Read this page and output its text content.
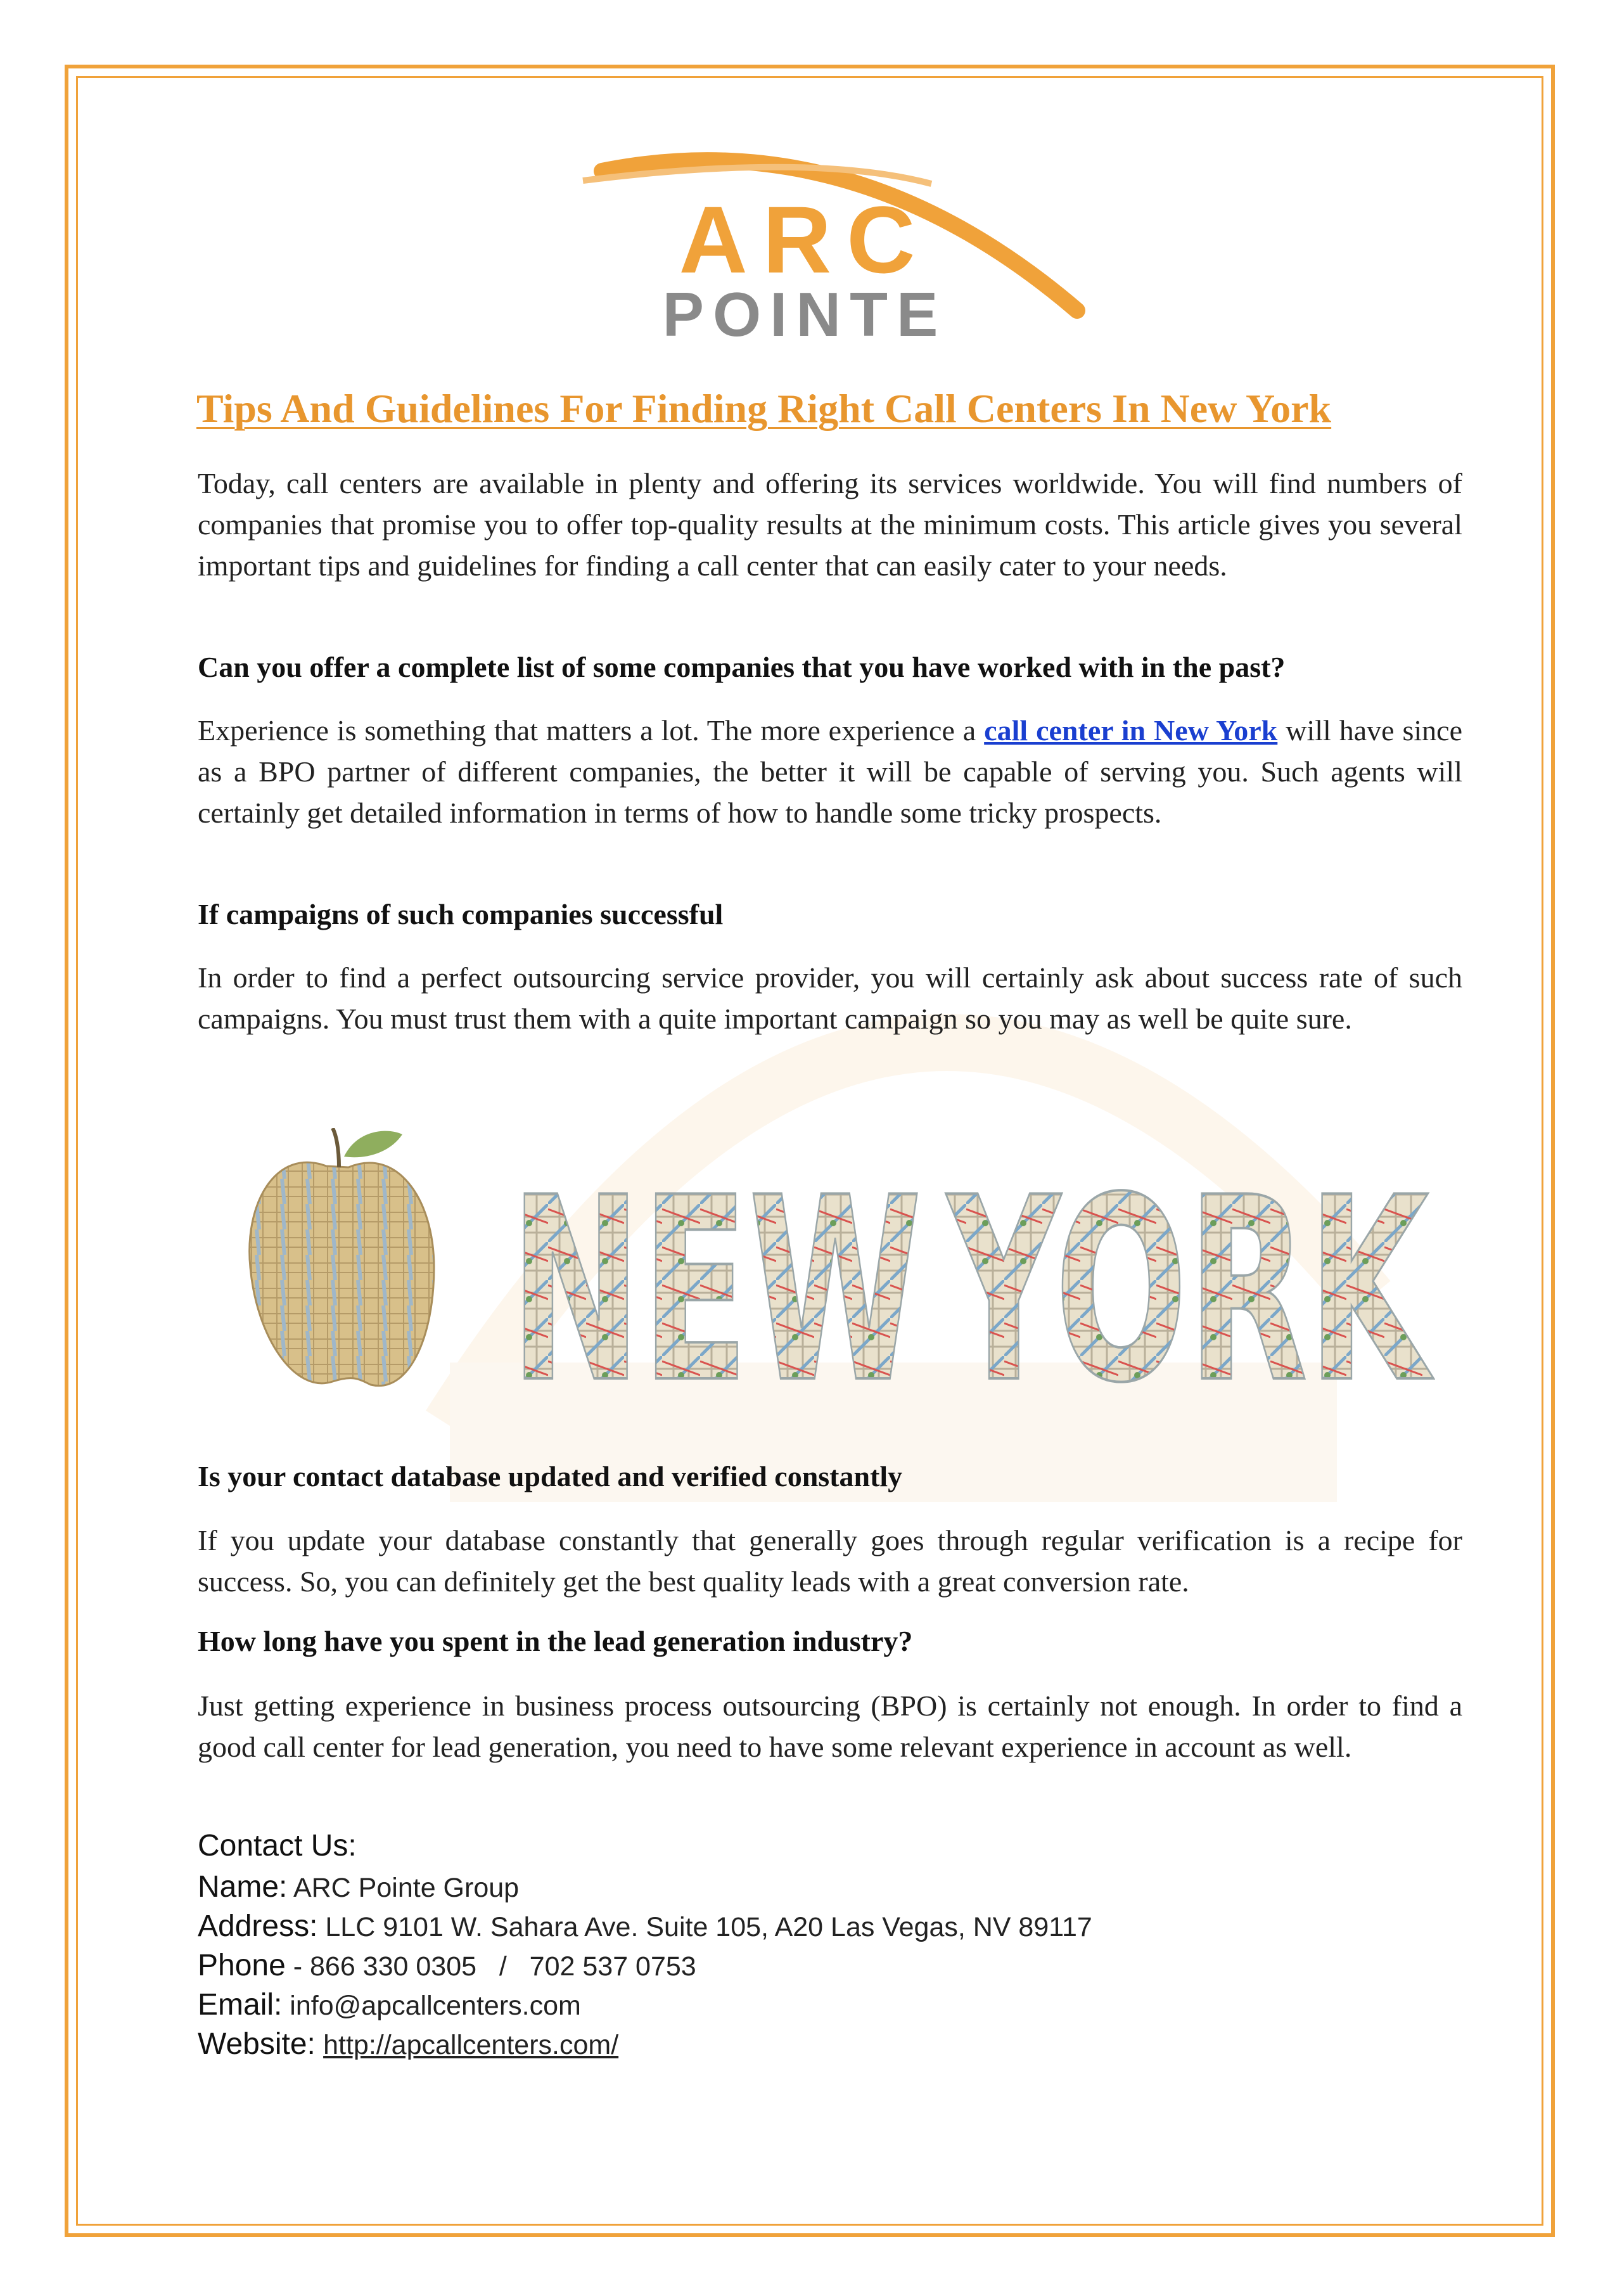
ARC
POINTE
Tips And Guidelines For Finding Right Call Centers In New York
Today, call centers are available in plenty and offering its services worldwide. You will find numbers of companies that promise you to offer top-quality results at the minimum costs. This article gives you several important tips and guidelines for finding a call center that can easily cater to your needs.
Can you offer a complete list of some companies that you have worked with in the past?
Experience is something that matters a lot. The more experience a call center in New York will have since as a BPO partner of different companies, the better it will be capable of serving you. Such agents will certainly get detailed information in terms of how to handle some tricky prospects.
If campaigns of such companies successful
In order to find a perfect outsourcing service provider, you will certainly ask about success rate of such campaigns. You must trust them with a quite important campaign so you may as well be quite sure.
NEW YORK
Is your contact database updated and verified constantly
If you update your database constantly that generally goes through regular verification is a recipe for success. So, you can definitely get the best quality leads with a great conversion rate.
How long have you spent in the lead generation industry?
Just getting experience in business process outsourcing (BPO) is certainly not enough. In order to find a good call center for lead generation, you need to have some relevant experience in account as well.
Contact Us:
Name: ARC Pointe Group
Address: LLC 9101 W. Sahara Ave. Suite 105, A20 Las Vegas, NV 89117
Phone - 866 330 0305   /   702 537 0753
Email: info@apcallcenters.com
Website: http://apcallcenters.com/
